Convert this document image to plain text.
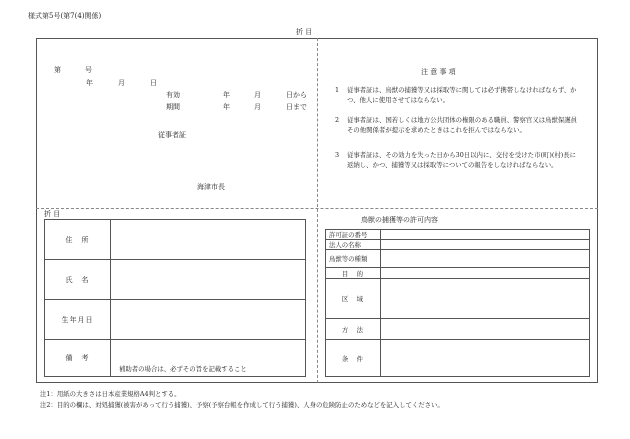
様式第5号(第7(4)関係)
折 目
第	号
年	月	日
有効	年	月	日から
期間	年	月	日まで
従事者証
海津市長
注 意 事 項
1 従事者証は、鳥獣の捕獲等又は採取等に関しては必ず携帯しなければならず、かつ、他人に使用させてはならない。
2 従事者証は、国若しくは地方公共団体の権限のある職員、警察官又は鳥獣保護員その他関係者が提示を求めたときはこれを拒んではならない。
3 従事者証は、その効力を失った日から30日以内に、交付を受けた市(町)(村)長に返納し、かつ、捕獲等又は採取等についての報告をしなければならない。
折 目
住　所	
氏　名	
生年月日	
備　考	補助者の場合は、必ずその旨を記載すること
鳥獣の捕獲等の許可内容
許可証の番号	
法人の名称	
鳥獣等の種類	
目　的	
区　域	
方　法	
条　件	
注1：用紙の大きさは日本産業規格A4判とする。
注2：目的の欄は、対処捕獲(被害があって行う捕獲)、予察(予察台帳を作成して行う捕獲)、人身の危険防止のためなどを記入してください。
